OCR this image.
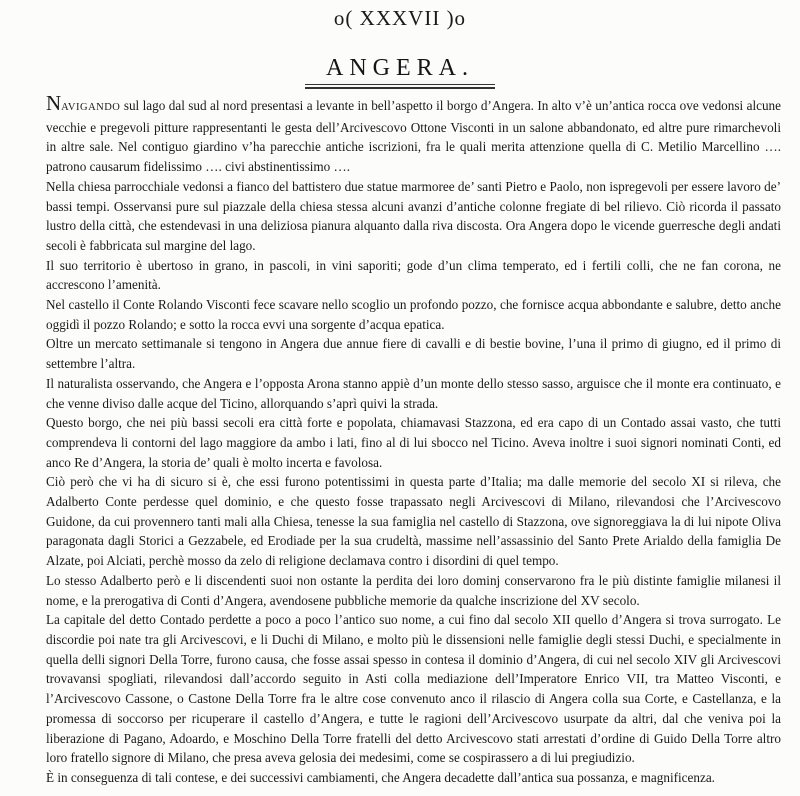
o( XXXVII )o
ANGERA.

NAVIGANDO sul lago dal sud al nord presentasi a levante in bell’aspetto il borgo d’Angera. In alto v’è un’antica rocca ove vedonsi alcune vecchie e pregevoli pitture rappresentanti le gesta dell’Arcivescovo Ottone Visconti in un salone abbandonato, ed altre pure rimarchevoli in altre sale. Nel contiguo giardino v’ha parecchie antiche iscrizioni, fra le quali merita attenzione quella di C. Metilio Marcellino …. patrono causarum fidelissimo …. civi abstinentissimo ….

Nella chiesa parrocchiale vedonsi a fianco del battistero due statue marmoree de’ santi Pietro e Paolo, non ispregevoli per essere lavoro de’ bassi tempi. Osservansi pure sul piazzale della chiesa stessa alcuni avanzi d’antiche colonne fregiate di bel rilievo. Ciò ricorda il passato lustro della città, che estendevasi in una deliziosa pianura alquanto dalla riva discosta. Ora Angera dopo le vicende guerresche degli andati secoli è fabbricata sul margine del lago.

Il suo territorio è ubertoso in grano, in pascoli, in vini saporiti; gode d’un clima temperato, ed i fertili colli, che ne fan corona, ne accrescono l’amenità.

Nel castello il Conte Rolando Visconti fece scavare nello scoglio un profondo pozzo, che fornisce acqua abbondante e salubre, detto anche oggidì il pozzo Rolando; e sotto la rocca evvi una sorgente d’acqua epatica.

Oltre un mercato settimanale si tengono in Angera due annue fiere di cavalli e di bestie bovine, l’una il primo di giugno, ed il primo di settembre l’altra.

Il naturalista osservando, che Angera e l’opposta Arona stanno appiè d’un monte dello stesso sasso, arguisce che il monte era continuato, e che venne diviso dalle acque del Ticino, allorquando s’aprì quivi la strada.

Questo borgo, che nei più bassi secoli era città forte e popolata, chiamavasi Stazzona, ed era capo di un Contado assai vasto, che tutti comprendeva li contorni del lago maggiore da ambo i lati, fino al di lui sbocco nel Ticino. Aveva inoltre i suoi signori nominati Conti, ed anco Re d’Angera, la storia de’ quali è molto incerta e favolosa.

Ciò però che vi ha di sicuro si è, che essi furono potentissimi in questa parte d’Italia; ma dalle memorie del secolo XI si rileva, che Adalberto Conte perdesse quel dominio, e che questo fosse trapassato negli Arcivescovi di Milano, rilevandosi che l’Arcivescovo Guidone, da cui provennero tanti mali alla Chiesa, tenesse la sua famiglia nel castello di Stazzona, ove signoreggiava la di lui nipote Oliva paragonata dagli Storici a Gezzabele, ed Erodiade per la sua crudeltà, massime nell’assassinio del Santo Prete Arialdo della famiglia De Alzate, poi Alciati, perchè mosso da zelo di religione declamava contro i disordini di quel tempo.

Lo stesso Adalberto però e li discendenti suoi non ostante la perdita dei loro dominj conservarono fra le più distinte famiglie milanesi il nome, e la prerogativa di Conti d’Angera, avendosene pubbliche memorie da qualche inscrizione del XV secolo.

La capitale del detto Contado perdette a poco a poco l’antico suo nome, a cui fino dal secolo XII quello d’Angera si trova surrogato. Le discordie poi nate tra gli Arcivescovi, e li Duchi di Milano, e molto più le dissensioni nelle famiglie degli stessi Duchi, e specialmente in quella delli signori Della Torre, furono causa, che fosse assai spesso in contesa il dominio d’Angera, di cui nel secolo XIV gli Arcivescovi trovavansi spogliati, rilevandosi dall’accordo seguito in Asti colla mediazione dell’Imperatore Enrico VII, tra Matteo Visconti, e l’Arcivescovo Cassone, o Castone Della Torre fra le altre cose convenuto anco il rilascio di Angera colla sua Corte, e Castellanza, e la promessa di soccorso per ricuperare il castello d’Angera, e tutte le ragioni dell’Arcivescovo usurpate da altri, dal che veniva poi la liberazione di Pagano, Adoardo, e Moschino Della Torre fratelli del detto Arcivescovo stati arrestati d’ordine di Guido Della Torre altro loro fratello signore di Milano, che presa aveva gelosia dei medesimi, come se cospirassero a di lui pregiudizio.

È in conseguenza di tali contese, e dei successivi cambiamenti, che Angera decadette dall’antica sua possanza, e magnificenza.
